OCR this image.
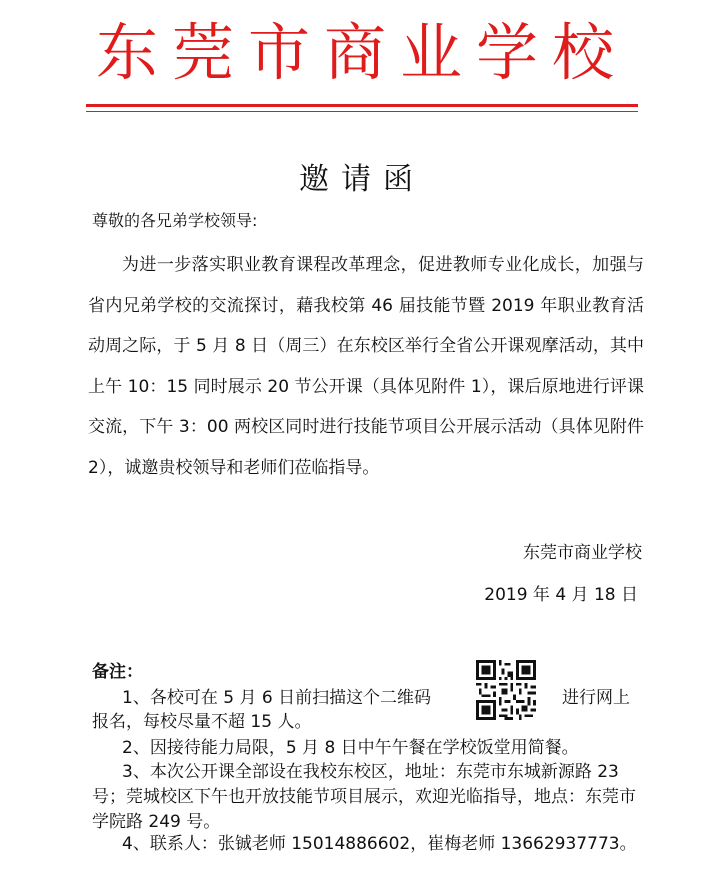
东莞市商业学校
邀请函
尊敬的各兄弟学校领导:

为进一步落实职业教育课程改革理念，促进教师专业化成长，加强与省内兄弟学校的交流探讨，藉我校第 46 届技能节暨 2019 年职业教育活动周之际，于 5 月 8 日（周三）在东校区举行全省公开课观摩活动，其中上午 10：15 同时展示 20 节公开课（具体见附件 1），课后原地进行评课交流，下午 3：00 两校区同时进行技能节项目公开展示活动（具体见附件 2），诚邀贵校领导和老师们莅临指导。

东莞市商业学校
2019 年 4 月 18 日
备注：
1、各校可在 5 月 6 日前扫描这个二维码	进行网上
报名，每校尽量不超 15 人。
2、因接待能力局限，5 月 8 日中午午餐在学校饭堂用简餐。

3、本次公开课全部设在我校东校区，地址：东莞市东城新源路 23 号；莞城校区下午也开放技能节项目展示，欢迎光临指导，地点：东莞市学院路 249 号。

4、联系人：张铖老师 15014886602，崔梅老师 13662937773。
